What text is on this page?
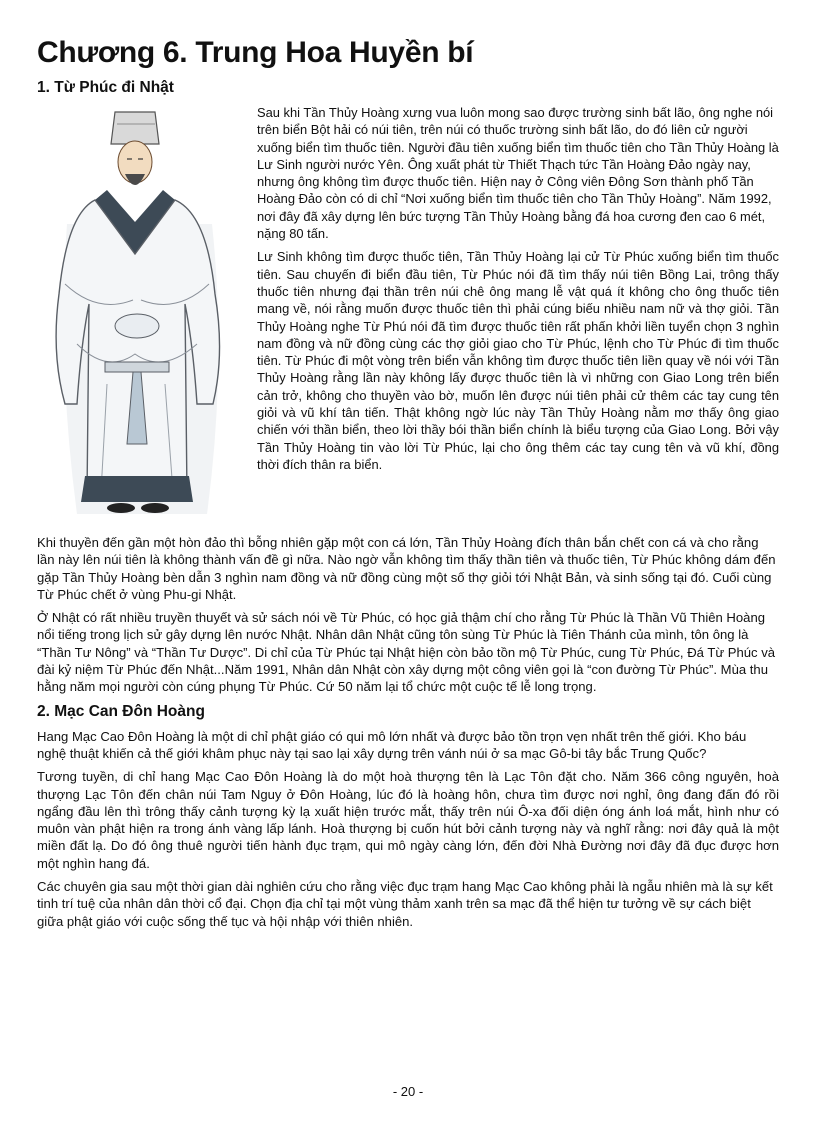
Chương 6. Trung Hoa Huyền bí
1. Từ Phúc đi Nhật

Sau khi Tần Thủy Hoàng xưng vua luôn mong sao được trường sinh bất lão, ông nghe nói trên biển Bột hải có núi tiên, trên núi có thuốc trường sinh bất lão, do đó liên cử người xuống biển tìm thuốc tiên. Người đầu tiên xuống biển tìm thuốc tiên cho Tần Thủy Hoàng là Lư Sinh người nước Yên. Ông xuất phát từ Thiết Thạch tức Tần Hoàng Đảo ngày nay, nhưng ông không tìm được thuốc tiên. Hiện nay ở Công viên Đông Sơn thành phố Tần Hoàng Đảo còn có di chỉ “Nơi xuống biển tìm thuốc tiên cho Tần Thủy Hoàng”. Năm 1992, nơi đây đã xây dựng lên bức tượng Tần Thủy Hoàng bằng đá hoa cương đen cao 6 mét, nặng 80 tấn.

Lư Sinh không tìm được thuốc tiên, Tần Thủy Hoàng lại cử Từ Phúc xuống biển tìm thuốc tiên. Sau chuyến đi biển đầu tiên, Từ Phúc nói đã tìm thấy núi tiên Bồng Lai, trông thấy thuốc tiên nhưng đại thần trên núi chê ông mang lễ vật quá ít không cho ông thuốc tiên mang về, nói rằng muốn được thuốc tiên thì phải cúng biếu nhiều nam nữ và thợ giỏi. Tần Thủy Hoàng nghe Từ Phú nói đã tìm được thuốc tiên rất phấn khởi liền tuyển chọn 3 nghìn nam đồng và nữ đồng cùng các thợ giỏi giao cho Từ Phúc, lệnh cho Từ Phúc đi tìm thuốc tiên. Từ Phúc đi một vòng trên biển vẫn không tìm được thuốc tiên liền quay về nói với Tần Thủy Hoàng rằng lần này không lấy được thuốc tiên là vì những con Giao Long trên biển cản trở, không cho thuyền vào bờ, muốn lên được núi tiên phải cử thêm các tay cung tên giỏi và vũ khí tân tiến. Thật không ngờ lúc này Tần Thủy Hoàng nằm mơ thấy ông giao chiến với thần biển, theo lời thầy bói thần biển chính là biểu tượng của Giao Long. Bởi vậy Tần Thủy Hoàng tin vào lời Từ Phúc, lại cho ông thêm các tay cung tên và vũ khí, đồng thời đích thân ra biển.

Khi thuyền đến gần một hòn đảo thì bỗng nhiên gặp một con cá lớn, Tần Thủy Hoàng đích thân bắn chết con cá và cho rằng lần này lên núi tiên là không thành vấn đề gì nữa. Nào ngờ vẫn không tìm thấy thần tiên và thuốc tiên, Từ Phúc không dám đến gặp Tần Thủy Hoàng bèn dẫn 3 nghìn nam đồng và nữ đồng cùng một số thợ giỏi tới Nhật Bản, và sinh sống tại đó. Cuối cùng Từ Phúc chết ở vùng Phu-gi Nhật.

Ở Nhật có rất nhiều truyền thuyết và sử sách nói về Từ Phúc, có học giả thậm chí cho rằng Từ Phúc là Thần Vũ Thiên Hoàng nổi tiếng trong lịch sử gây dựng lên nước Nhật. Nhân dân Nhật cũng tôn sùng Từ Phúc là Tiên Thánh của mình, tôn ông là “Thần Tư Nông” và “Thần Tư Dược”. Di chỉ của Từ Phúc tại Nhật hiện còn bảo tồn mộ Từ Phúc, cung Từ Phúc, Đá Từ Phúc và đài kỷ niệm Từ Phúc đến Nhật...Năm 1991, Nhân dân Nhật còn xây dựng một công viên gọi là “con đường Từ Phúc”. Mùa thu hằng năm mọi người còn cúng phụng Từ Phúc. Cứ 50 năm lại tổ chức một cuộc tế lễ long trọng.

2. Mạc Can Đôn Hoàng

Hang Mạc Cao Đôn Hoàng là một di chỉ phật giáo có qui mô lớn nhất và được bảo tồn trọn vẹn nhất trên thế giới. Kho báu nghệ thuật khiến cả thế giới khâm phục này tại sao lại xây dựng trên vánh núi ở sa mạc Gô-bi tây bắc Trung Quốc?

Tương tuyền, di chỉ hang Mạc Cao Đôn Hoàng là do một hoà thượng tên là Lạc Tôn đặt cho. Năm 366 công nguyên, hoà thượng Lạc Tôn đến chân núi Tam Nguy ở Đôn Hoàng, lúc đó là hoàng hôn, chưa tìm được nơi nghỉ, ông đang đấn đó rồi ngẩng đầu lên thì trông thấy cảnh tượng kỳ lạ xuất hiện trước mắt, thấy trên núi Ô-xa đối diện óng ánh loá mắt, hình như có muôn vàn phật hiện ra trong ánh vàng lấp lánh. Hoà thượng bị cuốn hút bởi cảnh tượng này và nghĩ rằng: nơi đây quả là một miền đất lạ. Do đó ông thuê người tiến hành đục trạm, qui mô ngày càng lớn, đến đời Nhà Đường nơi đây đã đục được hơn một nghìn hang đá.

Các chuyên gia sau một thời gian dài nghiên cứu cho rằng việc đục trạm hang Mạc Cao không phải là ngẫu nhiên mà là sự kết tinh trí tuệ của nhân dân thời cổ đại. Chọn địa chỉ tại một vùng thảm xanh trên sa mạc đã thể hiện tư tưởng về sự cách biệt giữa phật giáo với cuộc sống thế tục và hội nhập với thiên nhiên.

- 20 -
